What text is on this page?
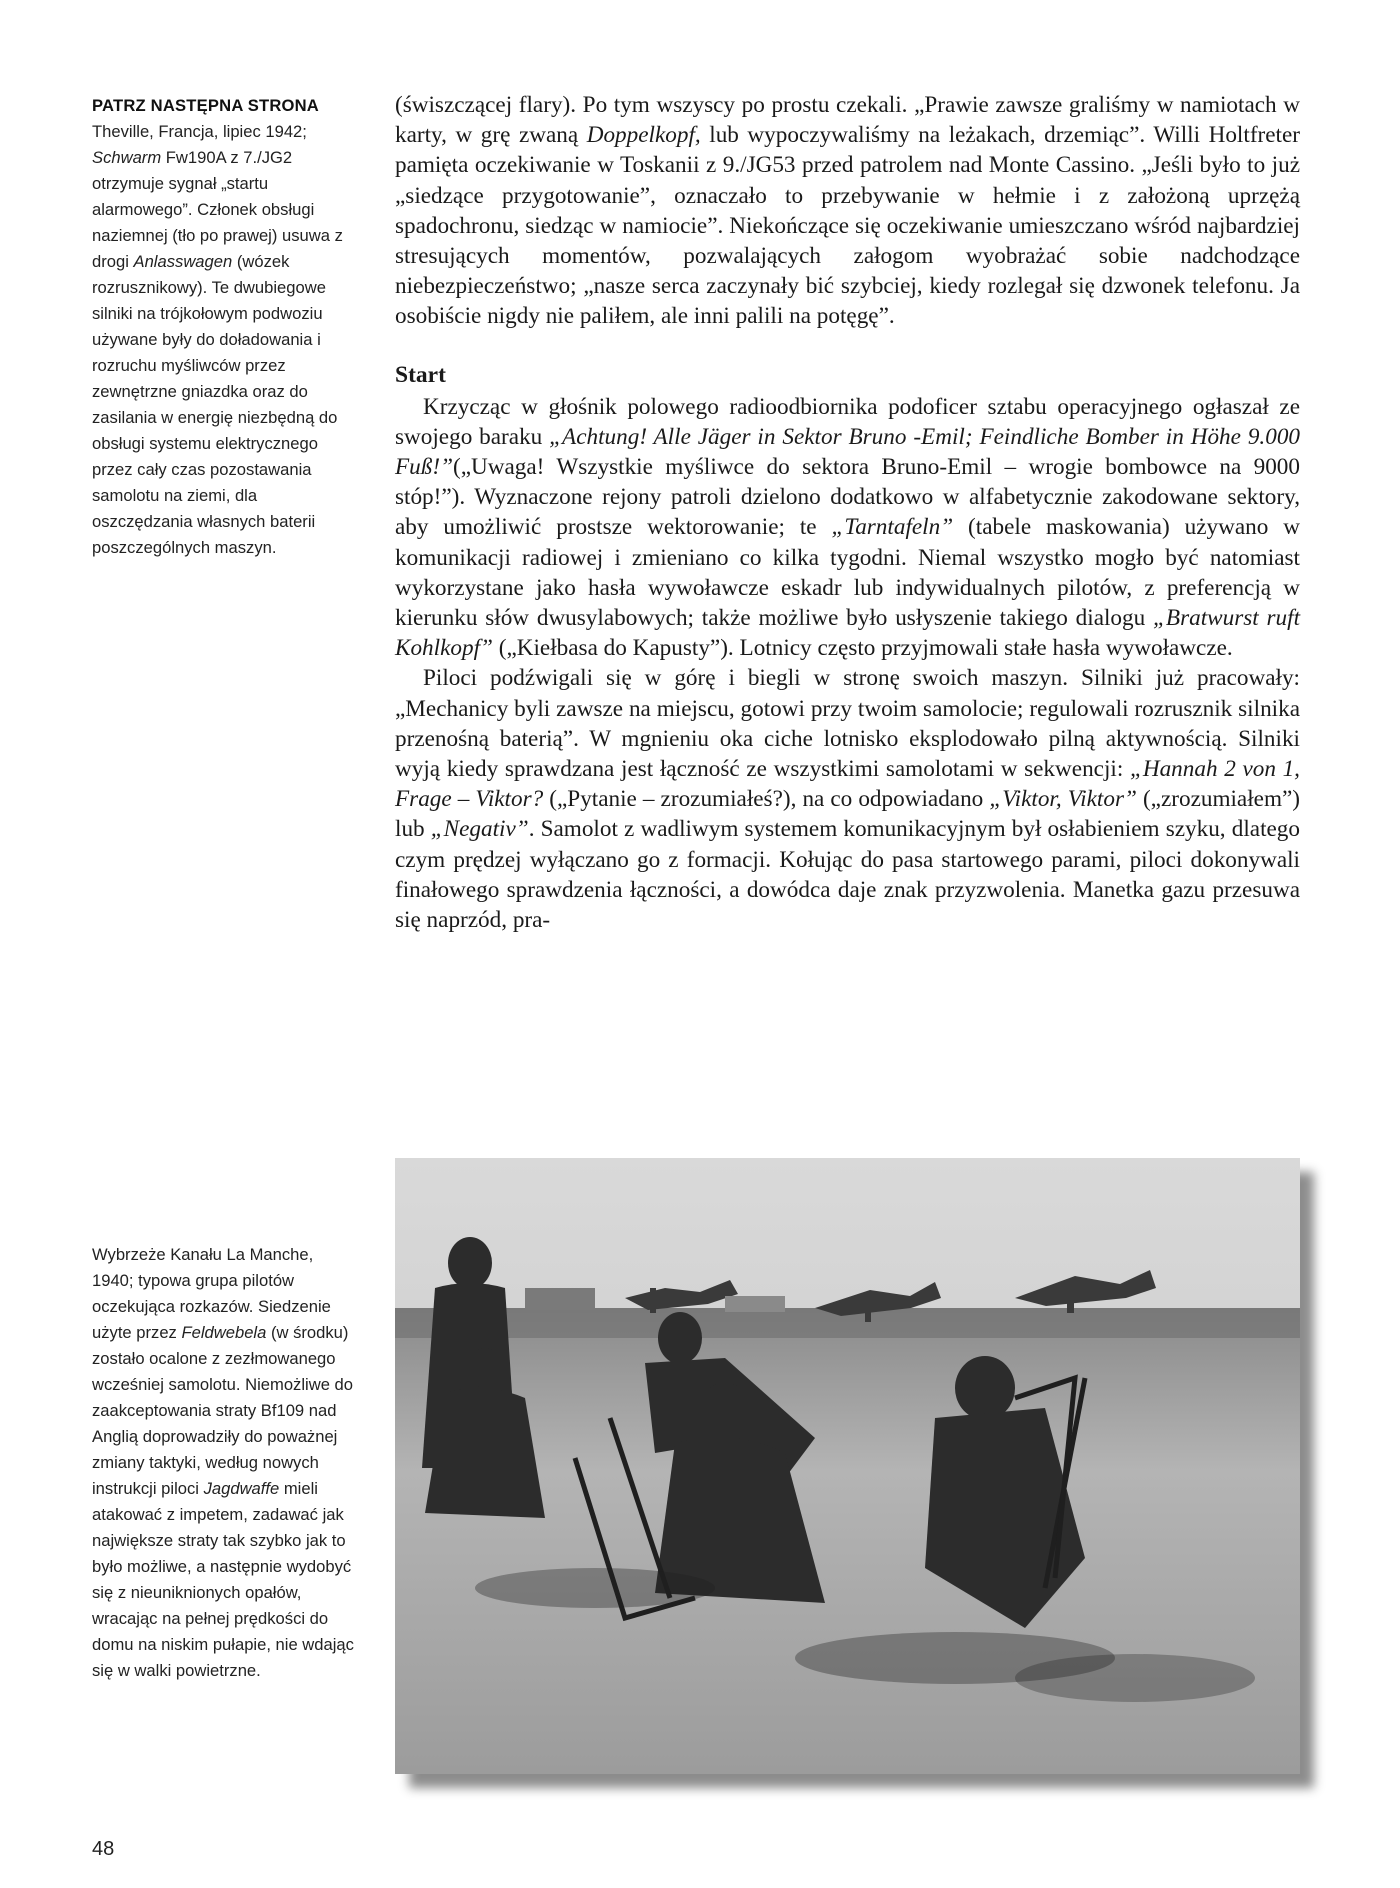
PATRZ NASTĘPNA STRONA

Theville, Francja, lipiec 1942; Schwarm Fw190A z 7./JG2 otrzymuje sygnał „startu alarmowego”. Członek obsługi naziemnej (tło po prawej) usuwa z drogi Anlasswagen (wózek rozrusznikowy). Te dwubiegowe silniki na trójkołowym podwoziu używane były do doładowania i rozruchu myśliwców przez zewnętrzne gniazdka oraz do zasilania w energię niezbędną do obsługi systemu elektrycznego przez cały czas pozostawania samolotu na ziemi, dla oszczędzania własnych baterii poszczególnych maszyn.

(świszczącej flary). Po tym wszyscy po prostu czekali. „Prawie zawsze graliśmy w namiotach w karty, w grę zwaną Doppelkopf, lub wypoczywaliśmy na leżakach, drzemiąc”. Willi Holtfreter pamięta oczekiwanie w Toskanii z 9./JG53 przed patrolem nad Monte Cassino. „Jeśli było to już „siedzące przygotowanie”, oznaczało to przebywanie w hełmie i z założoną uprzężą spadochronu, siedząc w namiocie”. Niekończące się oczekiwanie umieszczano wśród najbardziej stresujących momentów, pozwalających załogom wyobrażać sobie nadchodzące niebezpieczeństwo; „nasze serca zaczynały bić szybciej, kiedy rozlegał się dzwonek telefonu. Ja osobiście nigdy nie paliłem, ale inni palili na potęgę”.

Start

Krzycząc w głośnik polowego radioodbiornika podoficer sztabu operacyjnego ogłaszał ze swojego baraku „Achtung! Alle Jäger in Sektor Bruno -Emil; Feindliche Bomber in Höhe 9.000 Fuß!”(„Uwaga! Wszystkie myśliwce do sektora Bruno-Emil – wrogie bombowce na 9000 stóp!”). Wyznaczone rejony patroli dzielono dodatkowo w alfabetycznie zakodowane sektory, aby umożliwić prostsze wektorowanie; te „Tarntafeln” (tabele maskowania) używano w komunikacji radiowej i zmieniano co kilka tygodni. Niemal wszystko mogło być natomiast wykorzystane jako hasła wywoławcze eskadr lub indywidualnych pilotów, z preferencją w kierunku słów dwusylabowych; także możliwe było usłyszenie takiego dialogu „Bratwurst ruft Kohlkopf” („Kiełbasa do Kapusty”). Lotnicy często przyjmowali stałe hasła wywoławcze.

Piloci podźwigali się w górę i biegli w stronę swoich maszyn. Silniki już pracowały: „Mechanicy byli zawsze na miejscu, gotowi przy twoim samolocie; regulowali rozrusznik silnika przenośną baterią”. W mgnieniu oka ciche lotnisko eksplodowało pilną aktywnością. Silniki wyją kiedy sprawdzana jest łączność ze wszystkimi samolotami w sekwencji: „Hannah 2 von 1, Frage – Viktor? („Pytanie – zrozumiałeś?), na co odpowiadano „Viktor, Viktor” („zrozumiałem”) lub „Negativ”. Samolot z wadliwym systemem komunikacyjnym był osłabieniem szyku, dlatego czym prędzej wyłączano go z formacji. Kołując do pasa startowego parami, piloci dokonywali finałowego sprawdzenia łączności, a dowódca daje znak przyzwolenia. Manetka gazu przesuwa się naprzód, pra-

Wybrzeże Kanału La Manche, 1940; typowa grupa pilotów oczekująca rozkazów. Siedzenie użyte przez Feldwebela (w środku) zostało ocalone z zezłmowanego wcześniej samolotu. Niemożliwe do zaakceptowania straty Bf109 nad Anglią doprowadziły do poważnej zmiany taktyki, według nowych instrukcji piloci Jagdwaffe mieli atakować z impetem, zadawać jak największe straty tak szybko jak to było możliwe, a następnie wydobyć się z nieuniknionych opałów, wracając na pełnej prędkości do domu na niskim pułapie, nie wdając się w walki powietrzne.

48
